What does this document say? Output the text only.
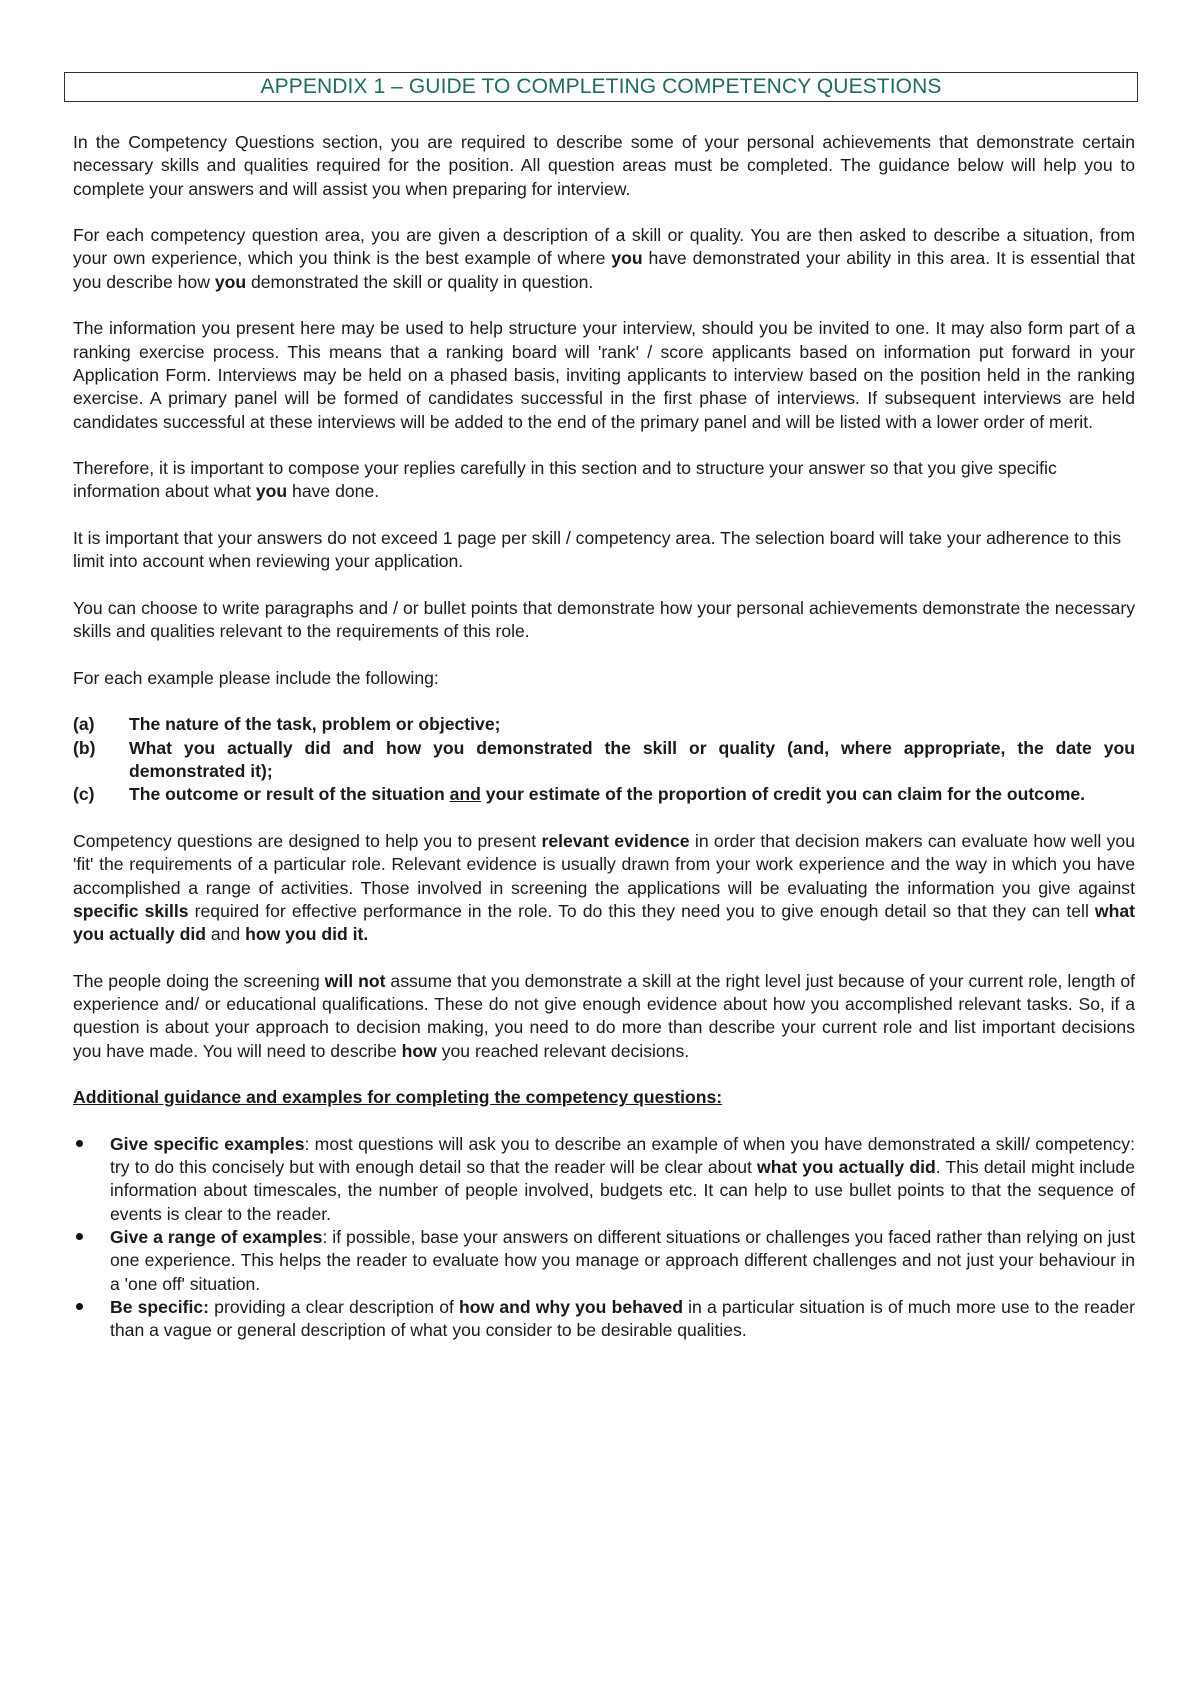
APPENDIX 1 – GUIDE TO COMPLETING COMPETENCY QUESTIONS

In the Competency Questions section, you are required to describe some of your personal achievements that demonstrate certain necessary skills and qualities required for the position. All question areas must be completed. The guidance below will help you to complete your answers and will assist you when preparing for interview.

For each competency question area, you are given a description of a skill or quality. You are then asked to describe a situation, from your own experience, which you think is the best example of where you have demonstrated your ability in this area. It is essential that you describe how you demonstrated the skill or quality in question.

The information you present here may be used to help structure your interview, should you be invited to one. It may also form part of a ranking exercise process. This means that a ranking board will 'rank' / score applicants based on information put forward in your Application Form. Interviews may be held on a phased basis, inviting applicants to interview based on the position held in the ranking exercise. A primary panel will be formed of candidates successful in the first phase of interviews. If subsequent interviews are held candidates successful at these interviews will be added to the end of the primary panel and will be listed with a lower order of merit.

Therefore, it is important to compose your replies carefully in this section and to structure your answer so that you give specific information about what you have done.

It is important that your answers do not exceed 1 page per skill / competency area. The selection board will take your adherence to this limit into account when reviewing your application.

You can choose to write paragraphs and / or bullet points that demonstrate how your personal achievements demonstrate the necessary skills and qualities relevant to the requirements of this role.

For each example please include the following:

(a)	The nature of the task, problem or objective;
(b)	What you actually did and how you demonstrated the skill or quality (and, where appropriate, the date you demonstrated it);
(c)	The outcome or result of the situation and your estimate of the proportion of credit you can claim for the outcome.

Competency questions are designed to help you to present relevant evidence in order that decision makers can evaluate how well you 'fit' the requirements of a particular role. Relevant evidence is usually drawn from your work experience and the way in which you have accomplished a range of activities. Those involved in screening the applications will be evaluating the information you give against specific skills required for effective performance in the role. To do this they need you to give enough detail so that they can tell what you actually did and how you did it.

The people doing the screening will not assume that you demonstrate a skill at the right level just because of your current role, length of experience and/ or educational qualifications. These do not give enough evidence about how you accomplished relevant tasks. So, if a question is about your approach to decision making, you need to do more than describe your current role and list important decisions you have made. You will need to describe how you reached relevant decisions.

Additional guidance and examples for completing the competency questions:

Give specific examples: most questions will ask you to describe an example of when you have demonstrated a skill/ competency: try to do this concisely but with enough detail so that the reader will be clear about what you actually did. This detail might include information about timescales, the number of people involved, budgets etc. It can help to use bullet points to that the sequence of events is clear to the reader.
Give a range of examples: if possible, base your answers on different situations or challenges you faced rather than relying on just one experience. This helps the reader to evaluate how you manage or approach different challenges and not just your behaviour in a 'one off' situation.
Be specific: providing a clear description of how and why you behaved in a particular situation is of much more use to the reader than a vague or general description of what you consider to be desirable qualities.
